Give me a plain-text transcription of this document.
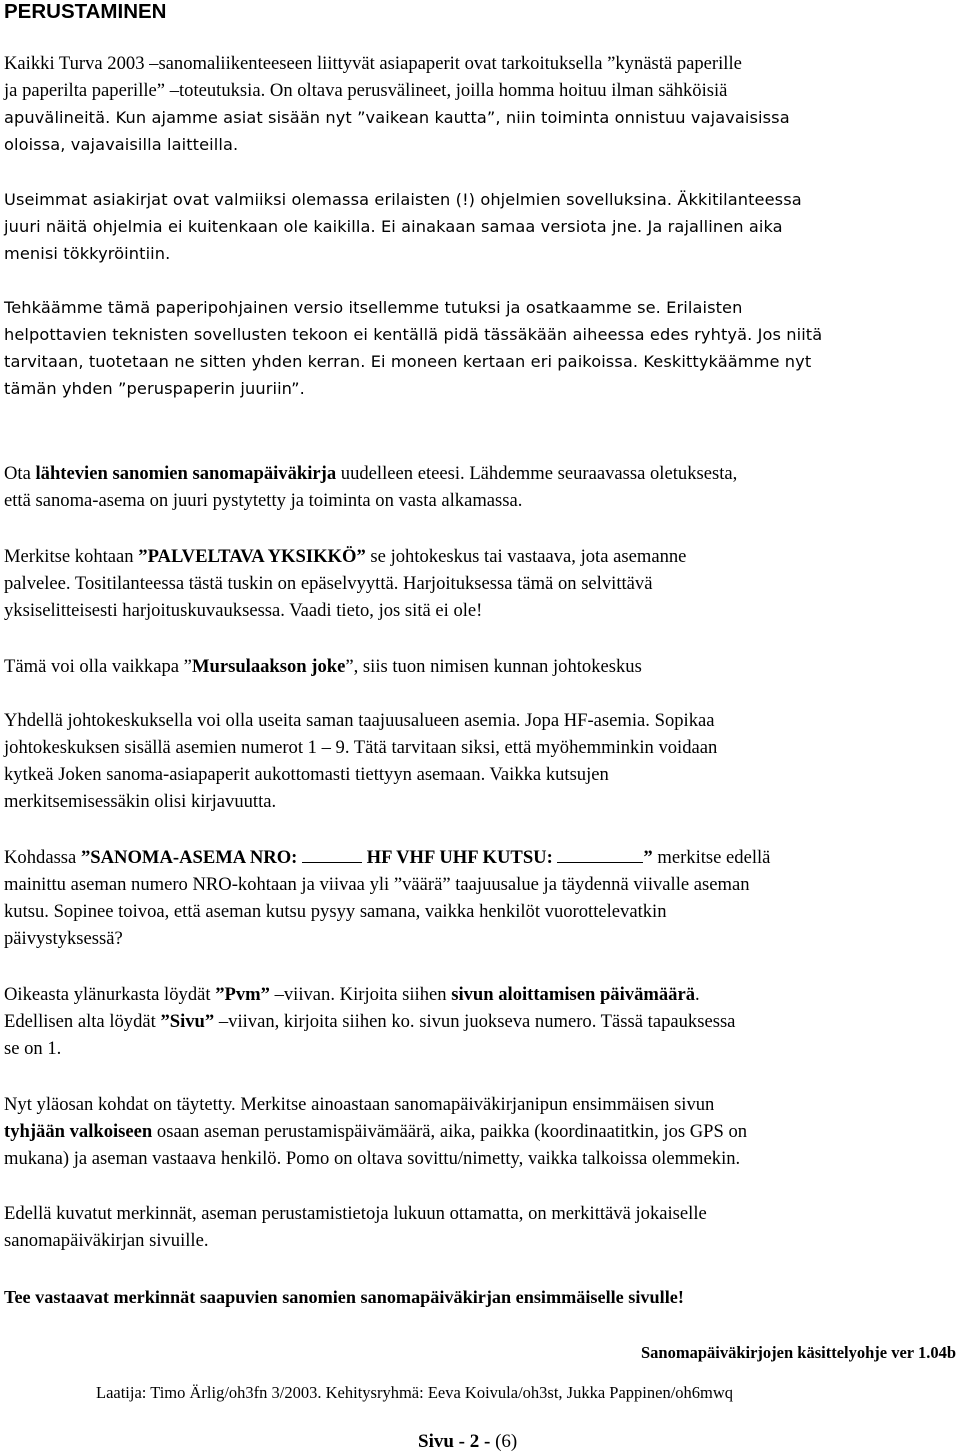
PERUSTAMINEN
Kaikki Turva 2003 –sanomaliikenteeseen liittyvät asiapaperit ovat tarkoituksella ”kynästä paperille
ja paperilta paperille” –toteutuksia. On oltava perusvälineet, joilla homma hoituu ilman sähköisiä
apuvälineitä. Kun ajamme asiat sisään nyt ”vaikean kautta”, niin toiminta onnistuu vajavaisissa
oloissa, vajavaisilla laitteilla.
Useimmat asiakirjat ovat valmiiksi olemassa erilaisten (!) ohjelmien sovelluksina. Äkkitilanteessa
juuri näitä ohjelmia ei kuitenkaan ole kaikilla. Ei ainakaan samaa versiota jne. Ja rajallinen aika
menisi tökkyröintiin.
Tehkäämme tämä paperipohjainen versio itsellemme tutuksi ja osatkaamme se. Erilaisten
helpottavien teknisten sovellusten tekoon ei kentällä pidä tässäkään aiheessa edes ryhtyä. Jos niitä
tarvitaan, tuotetaan ne sitten yhden kerran. Ei moneen kertaan eri paikoissa. Keskittykäämme nyt
tämän yhden ”peruspaperin juuriin”.
Ota lähtevien sanomien sanomapäiväkirja uudelleen eteesi. Lähdemme seuraavassa oletuksesta,
että sanoma-asema on juuri pystytetty ja toiminta on vasta alkamassa.
Merkitse kohtaan ”PALVELTAVA YKSIKKÖ” se johtokeskus tai vastaava, jota asemanne
palvelee. Tositilanteessa tästä tuskin on epäselvyyttä. Harjoituksessa tämä on selvittävä
yksiselitteisesti harjoituskuvauksessa. Vaadi tieto, jos sitä ei ole!
Tämä voi olla vaikkapa ”Mursulaakson joke”, siis tuon nimisen kunnan johtokeskus
Yhdellä johtokeskuksella voi olla useita saman taajuusalueen asemia. Jopa HF-asemia. Sopikaa
johtokeskuksen sisällä asemien numerot 1 – 9. Tätä tarvitaan siksi, että myöhemminkin voidaan
kytkeä Joken sanoma-asiapaperit aukottomasti tiettyyn asemaan. Vaikka kutsujen
merkitsemisessäkin olisi kirjavuutta.
Kohdassa ”SANOMA-ASEMA NRO:	HF VHF UHF KUTSU:	” merkitse edellä
mainittu aseman numero NRO-kohtaan ja viivaa yli ”väärä” taajuusalue ja täydennä viivalle aseman
kutsu. Sopinee toivoa, että aseman kutsu pysyy samana, vaikka henkilöt vuorottelevatkin
päivystyksessä?
Oikeasta ylänurkasta löydät ”Pvm” –viivan. Kirjoita siihen sivun aloittamisen päivämäärä.
Edellisen alta löydät ”Sivu” –viivan, kirjoita siihen ko. sivun juokseva numero. Tässä tapauksessa
se on 1.
Nyt yläosan kohdat on täytetty. Merkitse ainoastaan sanomapäiväkirjanipun ensimmäisen sivun
tyhjään valkoiseen osaan aseman perustamispäivämäärä, aika, paikka (koordinaatitkin, jos GPS on
mukana) ja aseman vastaava henkilö. Pomo on oltava sovittu/nimetty, vaikka talkoissa olemmekin.
Edellä kuvatut merkinnät, aseman perustamistietoja lukuun ottamatta, on merkittävä jokaiselle
sanomapäiväkirjan sivuille.
Tee vastaavat merkinnät saapuvien sanomien sanomapäiväkirjan ensimmäiselle sivulle!
Sanomapäiväkirjojen käsittelyohje ver 1.04b
Laatija: Timo Ärlig/oh3fn 3/2003. Kehitysryhmä: Eeva Koivula/oh3st, Jukka Pappinen/oh6mwq
Sivu - 2 - (6)
